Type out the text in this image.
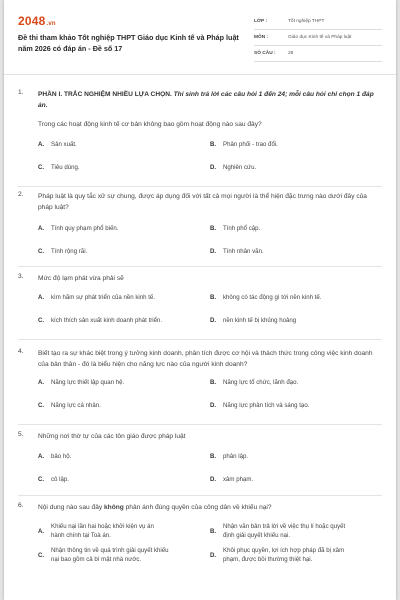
2048.vn
Đề thi tham khảo Tốt nghiệp THPT Giáo dục Kinh tế và Pháp luật năm 2026 có đáp án - Đề số 17
LỚP :	Tốt nghiệp THPT
MÔN :	Giáo dục Kinh tế và Pháp luật
SỐ CÂU :	28
1. PHẦN I. TRẮC NGHIỆM NHIỀU LỰA CHỌN. Thí sinh trả lời các câu hỏi 1 đến 24; mỗi câu hỏi chỉ chọn 1 đáp án.
Trong các hoạt động kinh tế cơ bản không bao gồm hoạt động nào sau đây?
A.	Sản xuất.	B.	Phân phối - trao đổi.
C.	Tiêu dùng.	D.	Nghiên cứu.
2. Pháp luật là quy tắc xử sự chung, được áp dụng đối với tất cả mọi người là thể hiện đặc trưng nào dưới đây của pháp luật?
A.	Tính quy phạm phổ biến.	B.	Tính phổ cập.
C.	Tính rộng rãi.	D.	Tính nhân văn.
3. Mức độ lạm phát vừa phải sẽ
A.	kìm hãm sự phát triển của nền kinh tế.	B.	không có tác động gì tới nền kinh tế.
C.	kích thích sản xuất kinh doanh phát triển.	D.	nền kinh tế bị khủng hoảng
4. Biết tạo ra sự khác biệt trong ý tưởng kinh doanh, phân tích được cơ hội và thách thức trong công việc kinh doanh của bản thân - đó là biểu hiện cho năng lực nào của người kinh doanh?
A.	Năng lực thiết lập quan hệ.	B.	Năng lực tổ chức, lãnh đạo.
C.	Năng lực cá nhân.	D.	Năng lực phân tích và sáng tạo.
5. Những nơi thờ tự của các tôn giáo được pháp luật
A.	bảo hộ.	B.	phân lập.
C.	cô lập.	D.	xâm phạm.
6. Nội dung nào sau đây không phản ánh đúng quyền của công dân về khiếu nại?
A.
Khiếu nại lần hai hoặc khởi kiện vụ án hành chính tại Toà án.
B.
Nhận văn bản trả lời về việc thụ lí hoặc quyết định giải quyết khiếu nại.
C.
Nhận thông tin về quá trình giải quyết khiếu nại bao gồm cả bí mật nhà nước.
D.
Khôi phục quyền, lợi ích hợp pháp đã bị xâm phạm, được bồi thường thiệt hại.
